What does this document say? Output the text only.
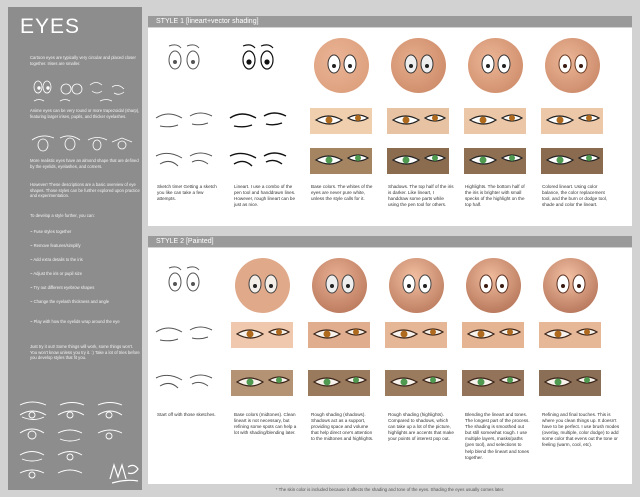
EYES
Cartoon eyes are typically very circular and placed closer together. Irises are smaller.
Anime eyes can be very round or more trapezoidal (sharp), featuring larger irises, pupils, and thicker eyelashes.
More realistic eyes have an almond shape that are defined by the eyelids, eyelashes, and corners.
However! These descriptions are a basic overview of eye shapes. Those styles can be further explored upon practice and experimentation.
To develop a style further, you can:
~ Fuse styles together
~ Remove features/simplify
~ Add extra details to the iris
~ Adjust the iris or pupil size
~ Try out different eyebrow shapes
~ Change the eyelash thickness and angle
~ Play with how the eyelids wrap around the eye
Just try it out! Some things will work, some things won't. You won't know unless you try it. :) Take a lot of tries before you develop styles that fit you.
STYLE 1 [lineart+vector shading]
Sketch time! Getting a sketch you like can take a few attempts.
Lineart. I use a combo of the pen tool and handdrawn lines. However, rough lineart can be just as nice.
Base colors. The whites of the eyes are never pure white, unless the style calls for it.
Shadows. The top half of the iris is darker. Like lineart, I handdraw some parts while using the pen tool for others.
Highlights. The bottom half of the iris is brighter with small specks of the highlight on the top half.
Colored lineart. Using color balance, the color replacement tool, and the burn or dodge tool, shade and color the lineart.
STYLE 2 [Painted]
Start off with those sketches.	Base colors (midtones). Clean lineart is not necessary, but refining some spots can help a lot with shading/blending later.
Rough shading (shadows). Shadows act as a support, providing space and volume that help direct one's attention to the midtones and highlights.
Rough shading (highlights). Compared to shadows, which can take up a lot of the picture, highlights are accents that make your points of interest pop out.
Blending the lineart and tones. The longest part of the process. The shading is smoothed out but still somewhat rough. I use multiple layers, masks/paths (pen tool), and selections to help blend the lineart and tones together.
Refining and final touches. This is where you clean things up. It doesn't have to be perfect. I use brush modes (overlay, multiple, color dodge) to add some color that evens out the tone or feeling (warm, cool, etc).
* The skin color is included because it affects the shading and tone of the eyes. Shading the eyes usually comes later.
